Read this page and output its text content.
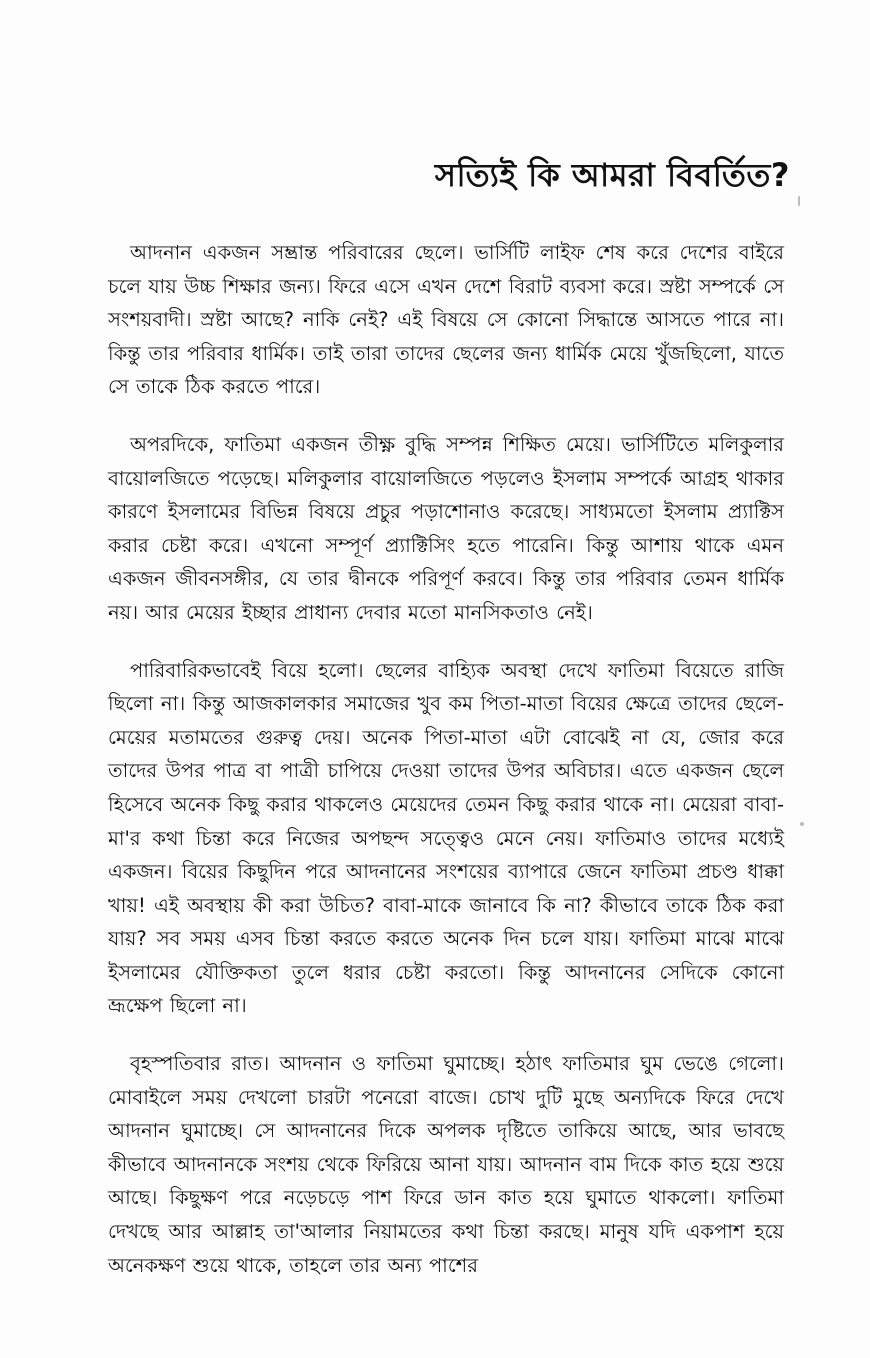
সত্যিই কি আমরা বিবর্তিত?

আদনান একজন সম্ভ্রান্ত পরিবারের ছেলে। ভার্সিটি লাইফ শেষ করে দেশের বাইরে চলে যায় উচ্চ শিক্ষার জন্য। ফিরে এসে এখন দেশে বিরাট ব্যবসা করে। স্রষ্টা সম্পর্কে সে সংশয়বাদী। স্রষ্টা আছে? নাকি নেই? এই বিষয়ে সে কোনো সিদ্ধান্তে আসতে পারে না। কিন্তু তার পরিবার ধার্মিক। তাই তারা তাদের ছেলের জন্য ধার্মিক মেয়ে খুঁজছিলো, যাতে সে তাকে ঠিক করতে পারে।

অপরদিকে, ফাতিমা একজন তীক্ষ্ণ বুদ্ধি সম্পন্ন শিক্ষিত মেয়ে। ভার্সিটিতে মলিকুলার বায়োলজিতে পড়েছে। মলিকুলার বায়োলজিতে পড়লেও ইসলাম সম্পর্কে আগ্রহ থাকার কারণে ইসলামের বিভিন্ন বিষয়ে প্রচুর পড়াশোনাও করেছে। সাধ্যমতো ইসলাম প্র্যাক্টিস করার চেষ্টা করে। এখনো সম্পূর্ণ প্র্যাক্টিসিং হতে পারেনি। কিন্তু আশায় থাকে এমন একজন জীবনসঙ্গীর, যে তার দ্বীনকে পরিপূর্ণ করবে। কিন্তু তার পরিবার তেমন ধার্মিক নয়। আর মেয়ের ইচ্ছার প্রাধান্য দেবার মতো মানসিকতাও নেই।

পারিবারিকভাবেই বিয়ে হলো। ছেলের বাহ্যিক অবস্থা দেখে ফাতিমা বিয়েতে রাজি ছিলো না। কিন্তু আজকালকার সমাজের খুব কম পিতা-মাতা বিয়ের ক্ষেত্রে তাদের ছেলে-মেয়ের মতামতের গুরুত্ব দেয়। অনেক পিতা-মাতা এটা বোঝেই না যে, জোর করে তাদের উপর পাত্র বা পাত্রী চাপিয়ে দেওয়া তাদের উপর অবিচার। এতে একজন ছেলে হিসেবে অনেক কিছু করার থাকলেও মেয়েদের তেমন কিছু করার থাকে না। মেয়েরা বাবা-মা'র কথা চিন্তা করে নিজের অপছন্দ সত্ত্বেও মেনে নেয়। ফাতিমাও তাদের মধ্যেই একজন। বিয়ের কিছুদিন পরে আদনানের সংশয়ের ব্যাপারে জেনে ফাতিমা প্রচণ্ড ধাক্কা খায়! এই অবস্থায় কী করা উচিত? বাবা-মাকে জানাবে কি না? কীভাবে তাকে ঠিক করা যায়? সব সময় এসব চিন্তা করতে করতে অনেক দিন চলে যায়। ফাতিমা মাঝে মাঝে ইসলামের যৌক্তিকতা তুলে ধরার চেষ্টা করতো। কিন্তু আদনানের সেদিকে কোনো ভ্রূক্ষেপ ছিলো না।

বৃহস্পতিবার রাত। আদনান ও ফাতিমা ঘুমাচ্ছে। হঠাৎ ফাতিমার ঘুম ভেঙে গেলো। মোবাইলে সময় দেখলো চারটা পনেরো বাজে। চোখ দুটি মুছে অন্যদিকে ফিরে দেখে আদনান ঘুমাচ্ছে। সে আদনানের দিকে অপলক দৃষ্টিতে তাকিয়ে আছে, আর ভাবছে কীভাবে আদনানকে সংশয় থেকে ফিরিয়ে আনা যায়। আদনান বাম দিকে কাত হয়ে শুয়ে আছে। কিছুক্ষণ পরে নড়েচড়ে পাশ ফিরে ডান কাত হয়ে ঘুমাতে থাকলো। ফাতিমা দেখছে আর আল্লাহ তা'আলার নিয়ামতের কথা চিন্তা করছে। মানুষ যদি একপাশ হয়ে অনেকক্ষণ শুয়ে থাকে, তাহলে তার অন্য পাশের
